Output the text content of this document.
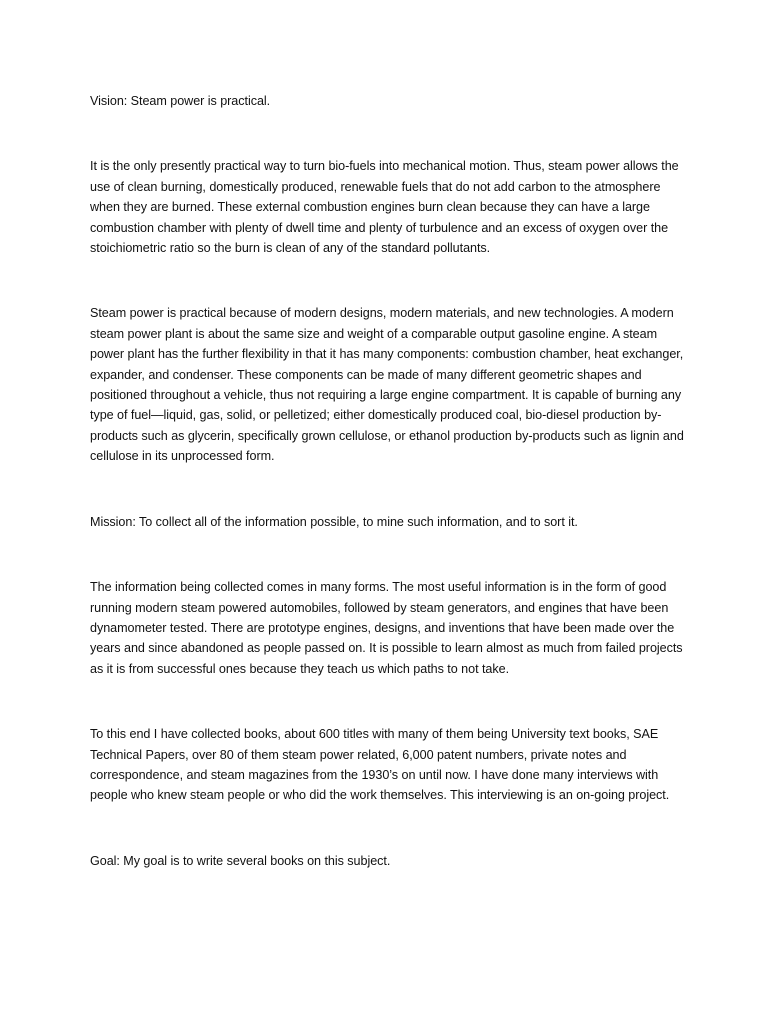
Vision: Steam power is practical.

It is the only presently practical way to turn bio-fuels into mechanical motion. Thus, steam power allows the use of clean burning, domestically produced, renewable fuels that do not add carbon to the atmosphere when they are burned. These external combustion engines burn clean because they can have a large combustion chamber with plenty of dwell time and plenty of turbulence and an excess of oxygen over the stoichiometric ratio so the burn is clean of any of the standard pollutants.

Steam power is practical because of modern designs, modern materials, and new technologies. A modern steam power plant is about the same size and weight of a comparable output gasoline engine. A steam power plant has the further flexibility in that it has many components: combustion chamber, heat exchanger, expander, and condenser. These components can be made of many different geometric shapes and positioned throughout a vehicle, thus not requiring a large engine compartment. It is capable of burning any type of fuel—liquid, gas, solid, or pelletized; either domestically produced coal, bio-diesel production by-products such as glycerin, specifically grown cellulose, or ethanol production by-products such as lignin and cellulose in its unprocessed form.

Mission: To collect all of the information possible, to mine such information, and to sort it.

The information being collected comes in many forms. The most useful information is in the form of good running modern steam powered automobiles, followed by steam generators, and engines that have been dynamometer tested. There are prototype engines, designs, and inventions that have been made over the years and since abandoned as people passed on. It is possible to learn almost as much from failed projects as it is from successful ones because they teach us which paths to not take.

To this end I have collected books, about 600 titles with many of them being University text books, SAE Technical Papers, over 80 of them steam power related, 6,000 patent numbers, private notes and correspondence, and steam magazines from the 1930’s on until now. I have done many interviews with people who knew steam people or who did the work themselves. This interviewing is an on-going project.

Goal: My goal is to write several books on this subject.
